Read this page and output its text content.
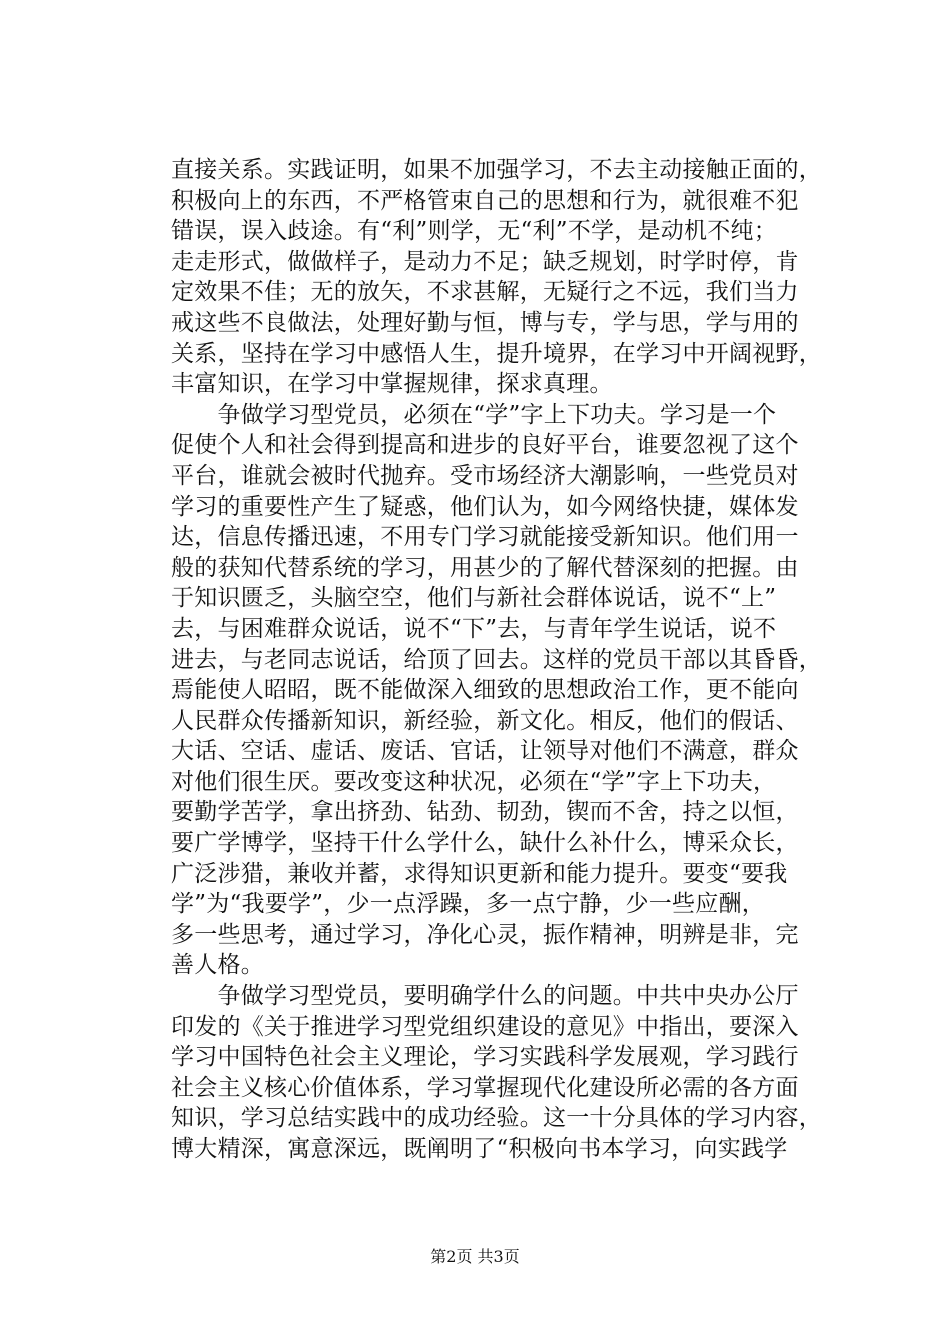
直接关系。实践证明，如果不加强学习，不去主动接触正面的，
积极向上的东西，不严格管束自己的思想和行为，就很难不犯
错误，误入歧途。有“利”则学，无“利”不学，是动机不纯；
走走形式，做做样子，是动力不足；缺乏规划，时学时停，肯
定效果不佳；无的放矢，不求甚解，无疑行之不远，我们当力
戒这些不良做法，处理好勤与恒，博与专，学与思，学与用的
关系，坚持在学习中感悟人生，提升境界，在学习中开阔视野，
丰富知识，在学习中掌握规律，探求真理。
　　争做学习型党员，必须在“学”字上下功夫。学习是一个
促使个人和社会得到提高和进步的良好平台，谁要忽视了这个
平台，谁就会被时代抛弃。受市场经济大潮影响，一些党员对
学习的重要性产生了疑惑，他们认为，如今网络快捷，媒体发
达，信息传播迅速，不用专门学习就能接受新知识。他们用一
般的获知代替系统的学习，用甚少的了解代替深刻的把握。由
于知识匮乏，头脑空空，他们与新社会群体说话，说不“上”
去，与困难群众说话，说不“下”去，与青年学生说话，说不
进去，与老同志说话，给顶了回去。这样的党员干部以其昏昏，
焉能使人昭昭，既不能做深入细致的思想政治工作，更不能向
人民群众传播新知识，新经验，新文化。相反，他们的假话、
大话、空话、虚话、废话、官话，让领导对他们不满意，群众
对他们很生厌。要改变这种状况，必须在“学”字上下功夫，
要勤学苦学，拿出挤劲、钻劲、韧劲，锲而不舍，持之以恒，
要广学博学，坚持干什么学什么，缺什么补什么，博采众长，
广泛涉猎，兼收并蓄，求得知识更新和能力提升。要变“要我
学”为“我要学”，少一点浮躁，多一点宁静，少一些应酬，
多一些思考，通过学习，净化心灵，振作精神，明辨是非，完
善人格。
　　争做学习型党员，要明确学什么的问题。中共中央办公厅
印发的《关于推进学习型党组织建设的意见》中指出，要深入
学习中国特色社会主义理论，学习实践科学发展观，学习践行
社会主义核心价值体系，学习掌握现代化建设所必需的各方面
知识，学习总结实践中的成功经验。这一十分具体的学习内容，
博大精深，寓意深远，既阐明了“积极向书本学习，向实践学
第2页 共3页
